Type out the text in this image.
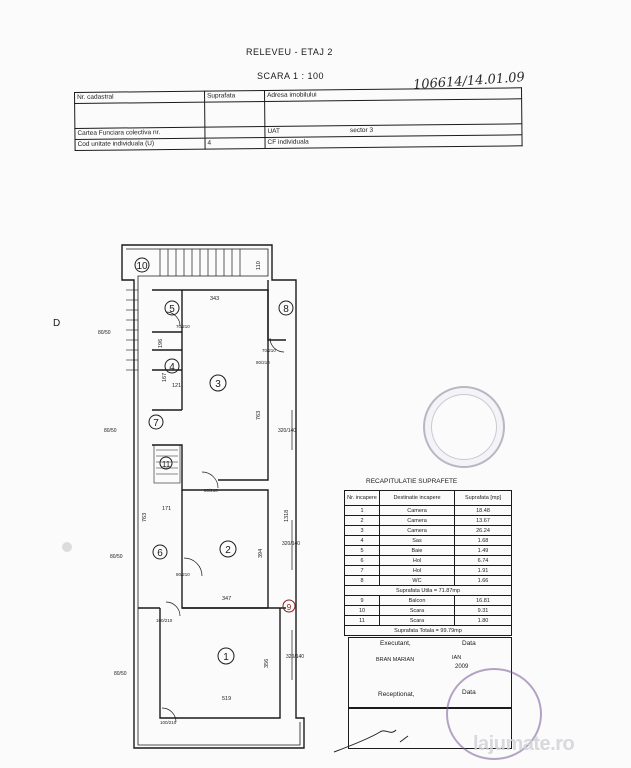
RELEVEU - ETAJ 2
SCARA 1 : 100	106614/14.01.09
Nr. cadastral	Suprafata	Adresa imobilului

Cartea Funciara colectiva nr.		UAT sector 3
Cod unitate individuala (U)	4	CF individuala
D
10
5	8
4
3
7
11
6	2
9
1
343
110
763
1318
763
171
394
347
356
519
196
167
121
80/50
80/50
80/50
80/50
320/140
320/140
320/140
70/210
70/210
80/210
80/210
80/210
100/210
100/210
RECAPITULATIE SUPRAFETE
Nr. incapere	Destinatie incapere	Suprafata [mp]
1	Camera	18.48
2	Camera	13.67
3	Camera	26.24
4	Sas	1.68
5	Baie	1.49
6	Hol	6.74
7	Hol	1.91
8	WC	1.66
Suprafata Utila = 71.87mp		
9	Balcon	16.81
10	Scara	9.31
11	Scara	1.80
Suprafata Totala = 99.79mp		
Executant,	Data
BRAN MARIAN	IAN
2009
Receptionat,	Data
lajumate.ro
